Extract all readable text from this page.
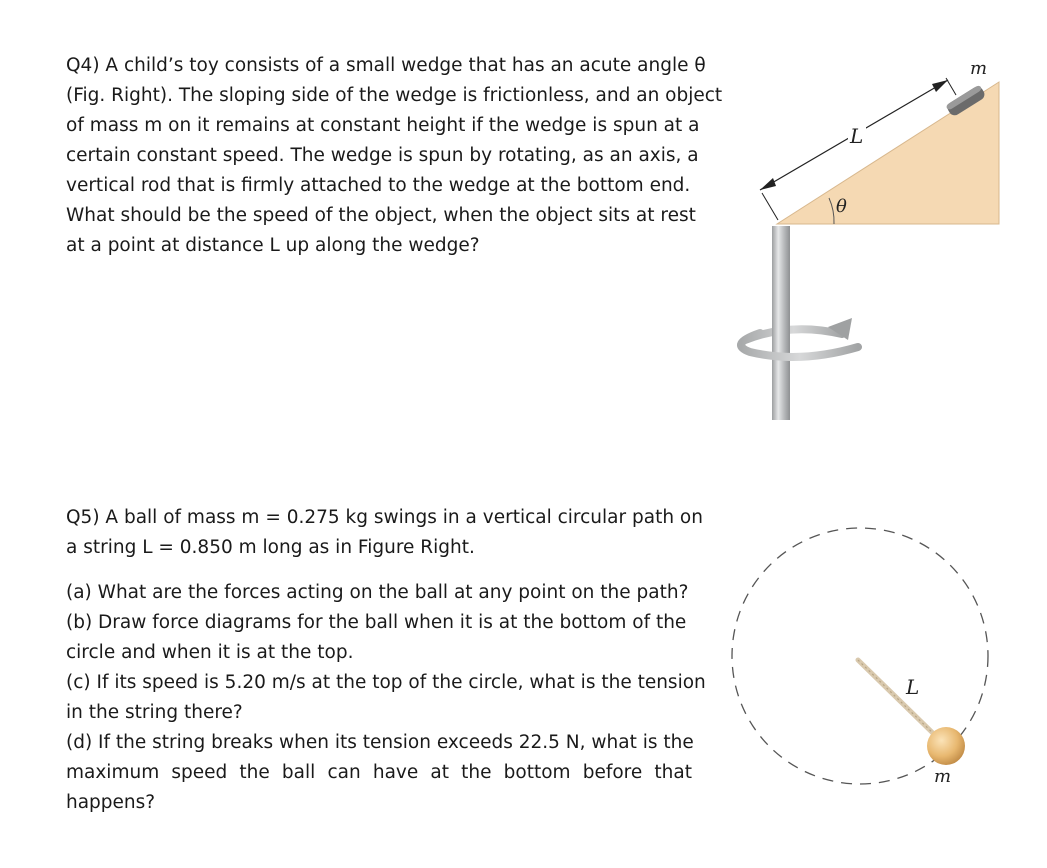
Q4) A child’s toy consists of a small wedge that has an acute angle θ
(Fig. Right). The sloping side of the wedge is frictionless, and an object
of mass m on it remains at constant height if the wedge is spun at a
certain constant speed. The wedge is spun by rotating, as an axis, a
vertical rod that is firmly attached to the wedge at the bottom end.
What should be the speed of the object, when the object sits at rest
at a point at distance L up along the wedge?

L
θ
m

Q5) A ball of mass m = 0.275 kg swings in a vertical circular path on
a string L = 0.850 m long as in Figure Right.

(a) What are the forces acting on the ball at any point on the path?
(b) Draw force diagrams for the ball when it is at the bottom of the
circle and when it is at the top.
(c) If its speed is 5.20 m/s at the top of the circle, what is the tension
in the string there?
(d) If the string breaks when its tension exceeds 22.5 N, what is the
maximum speed the ball can have at the bottom before that
happens?

L
m
